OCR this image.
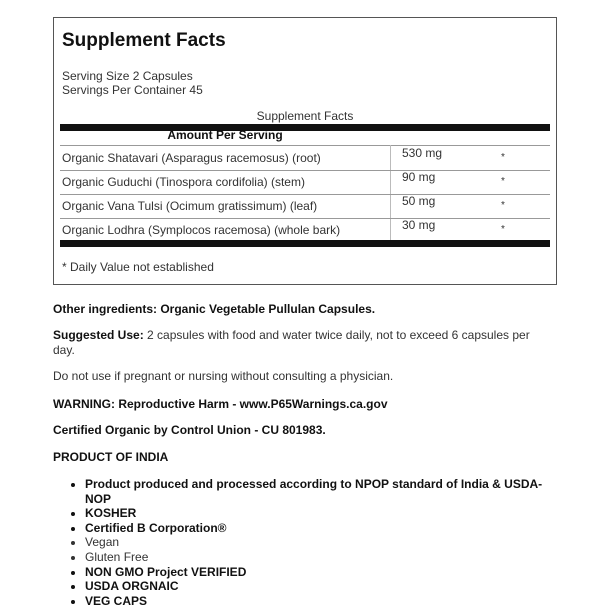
Supplement Facts
Serving Size 2 Capsules
Servings Per Container 45
Supplement Facts
Amount Per Serving
Organic Shatavari (Asparagus racemosus) (root)	530 mg	*
Organic Guduchi (Tinospora cordifolia) (stem)	90 mg	*
Organic Vana Tulsi (Ocimum gratissimum) (leaf)	50 mg	*
Organic Lodhra (Symplocos racemosa) (whole bark)	30 mg	*
* Daily Value not established
Other ingredients: Organic Vegetable Pullulan Capsules.
Suggested Use: 2 capsules with food and water twice daily, not to exceed 6 capsules per day.
Do not use if pregnant or nursing without consulting a physician.
WARNING: Reproductive Harm - www.P65Warnings.ca.gov
Certified Organic by Control Union - CU 801983.
PRODUCT OF INDIA
• Product produced and processed according to NPOP standard of India & USDA-NOP
• KOSHER
• Certified B Corporation®
• Vegan
• Gluten Free
• NON GMO Project VERIFIED
• USDA ORGNAIC
• VEG CAPS
